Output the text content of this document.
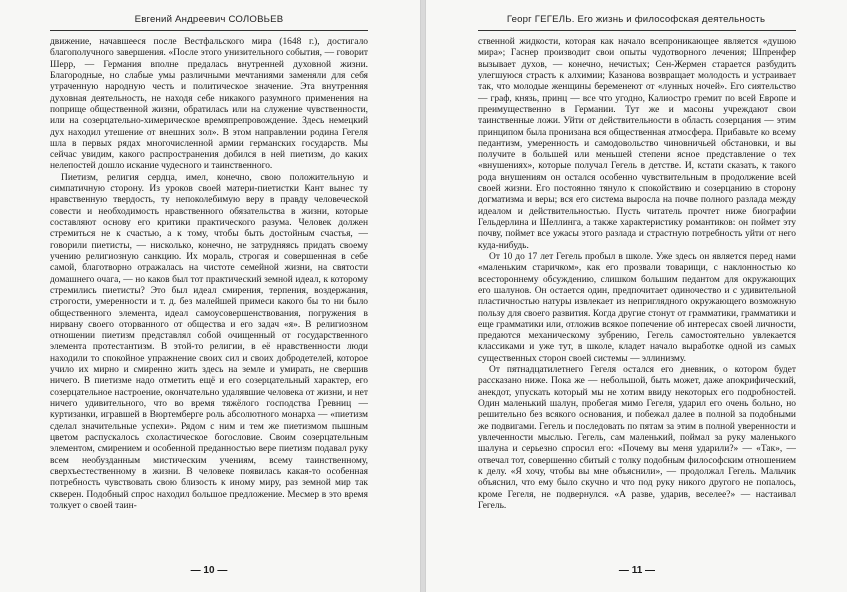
Евгений Андреевич СОЛОВЬЕВ

движение, начавшееся после Вестфальского мира (1648 г.), достигало благополучного завершения. «После этого унизительного события, — говорит Шерр, — Германия вполне предалась внутренней духовной жизни. Благородные, но слабые умы различными мечтаниями заменяли для себя утраченную народную честь и политическое значение. Эта внутренняя духовная деятельность, не находя себе никакого разумного применения на поприще общественной жизни, обратилась или на служение чувственности, или на созерцательно-химерическое времяпрепровождение. Здесь немецкий дух находил утешение от внешних зол». В этом направлении родина Гегеля шла в первых рядах многочисленной армии германских государств. Мы сейчас увидим, какого распространения добился в ней пиетизм, до каких нелепостей дошло искание чудесного и таинственного.

Пиетизм, религия сердца, имел, конечно, свою положительную и симпатичную сторону. Из уроков своей матери-пиетистки Кант вынес ту нравственную твердость, ту непоколебимую веру в правду человеческой совести и необходимость нравственного обязательства в жизни, которые составляют основу его критики практического разума. Человек должен стремиться не к счастью, а к тому, чтобы быть достойным счастья, — говорили пиетисты, — нисколько, конечно, не затрудняясь придать своему учению религиозную санкцию. Их мораль, строгая и совершенная в себе самой, благотворно отражалась на чистоте семейной жизни, на святости домашнего очага, — но каков был тот практический земной идеал, к которому стремились пиетисты? Это был идеал смирения, терпения, воздержания, строгости, умеренности и т. д. без малейшей примеси какого бы то ни было общественного элемента, идеал самоусовершенствования, погружения в нирвану своего оторванного от общества и его задач «я». В религиозном отношении пиетизм представлял собой очищенный от государственного элемента протестантизм. В этой-то религии, в её нравственности люди находили то спокойное упражнение своих сил и своих добродетелей, которое учило их мирно и смиренно жить здесь на земле и умирать, не свершив ничего. В пиетизме надо отметить ещё и его созерцательный характер, его созерцательное настроение, окончательно удалявшие человека от жизни, и нет ничего удивительного, что во время тяжёлого господства Гревниц — куртизанки, игравшей в Вюртемберге роль абсолютного монарха — «пиетизм сделал значительные успехи». Рядом с ним и тем же пиетизмом пышным цветом распускалось схоластическое богословие. Своим созерцательным элементом, смирением и особенной преданностью вере пиетизм подавал руку всем необузданным мистическим учениям, всему таинственному, сверхъестественному в жизни. В человеке появилась какая-то особенная потребность чувствовать свою близость к иному миру, раз земной мир так скверен. Подобный спрос находил большое предложение. Месмер в это время толкует о своей таин-

— 10 —
Георг ГЕГЕЛЬ. Его жизнь и философская деятельность

ственной жидкости, которая как начало всепроникающее является «душою мира»; Гаснер производит свои опыты чудотворного лечения; Шпренфер вызывает духов, — конечно, нечистых; Сен-Жермен старается разбудить улегшуюся страсть к алхимии; Казанова возвращает молодость и устраивает так, что молодые женщины беременеют от «лунных ночей». Его сиятельство — граф, князь, принц — все что угодно, Калиостро гремит по всей Европе и преимущественно в Германии. Тут же и масоны учреждают свои таинственные ложи. Уйти от действительности в область созерцания — этим принципом была пронизана вся общественная атмосфера. Прибавьте ко всему педантизм, умеренность и самодовольство чиновничьей обстановки, и вы получите в большей или меньшей степени ясное представление о тех «внушениях», которые получал Гегель в детстве. И, кстати сказать, к такого рода внушениям он остался особенно чувствительным в продолжение всей своей жизни. Его постоянно тянуло к спокойствию и созерцанию в сторону догматизма и веры; вся его система выросла на почве полного разлада между идеалом и действительностью. Пусть читатель прочтет ниже биографии Гельдерлина и Шеллинга, а также характеристику романтиков: он поймет эту почву, поймет все ужасы этого разлада и страстную потребность уйти от него куда-нибудь.

От 10 до 17 лет Гегель пробыл в школе. Уже здесь он является перед нами «маленьким старичком», как его прозвали товарищи, с наклонностью ко всестороннему обсуждению, слишком большим педантом для окружающих его шалунов. Он остается один, предпочитает одиночество и с удивительной пластичностью натуры извлекает из неприглядного окружающего возможную пользу для своего развития. Когда другие стонут от грамматики, грамматики и еще грамматики или, отложив всякое попечение об интересах своей личности, предаются механическому зубрению, Гегель самостоятельно увлекается классиками и уже тут, в школе, кладет начало выработке одной из самых существенных сторон своей системы — эллинизму.

От пятнадцатилетнего Гегеля остался его дневник, о котором будет рассказано ниже. Пока же — небольшой, быть может, даже апокрифический, анекдот, упускать который мы не хотим ввиду некоторых его подробностей. Один маленький шалун, пробегая мимо Гегеля, ударил его очень больно, но решительно без всякого основания, и побежал далее в полной за подобными же подвигами. Гегель и последовать по пятам за этим в полной уверенности и увлеченности мыслью. Гегель, сам маленький, поймал за руку маленького шалуна и серьезно спросил его: «Почему вы меня ударили?» — «Так», — отвечал тот, совершенно сбитый с толку подобным философским отношением к делу. «Я хочу, чтобы вы мне объяснили», — продолжал Гегель. Мальчик объяснил, что ему было скучно и что под руку никого другого не попалось, кроме Гегеля, не подвернулся. «А разве, ударив, веселее?» — настаивал Гегель.

— 11 —
